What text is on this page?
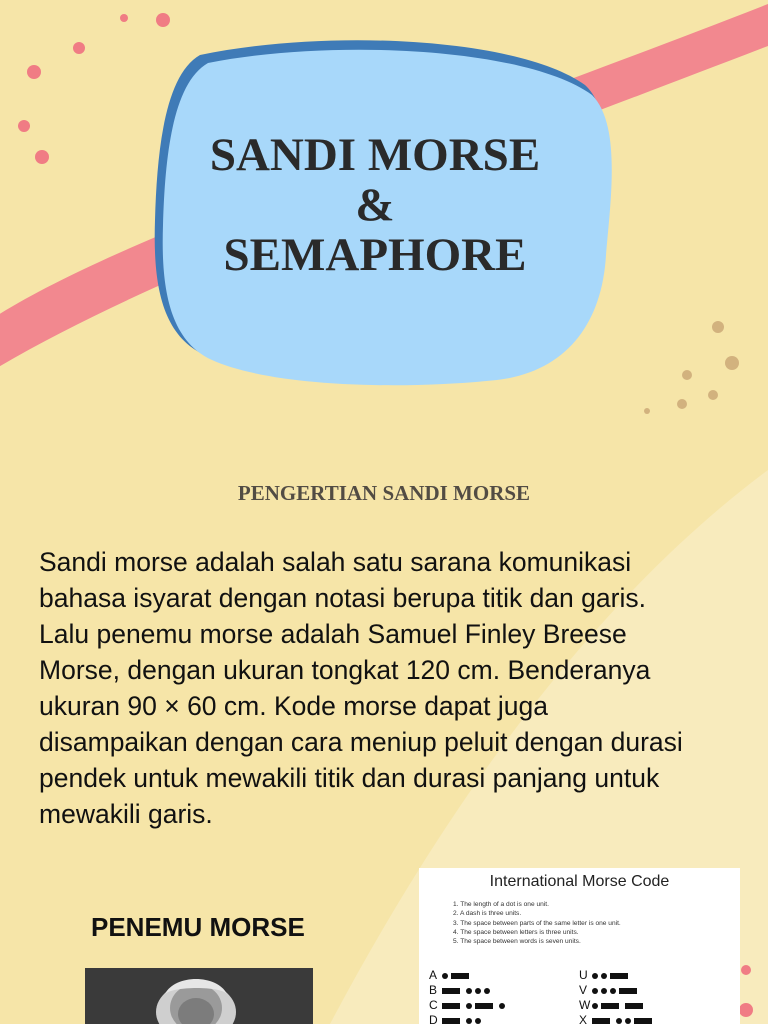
SANDI MORSE
&
SEMAPHORE
PENGERTIAN SANDI MORSE

Sandi morse adalah salah satu sarana komunikasi bahasa isyarat dengan notasi berupa titik dan garis. Lalu penemu morse adalah Samuel Finley Breese Morse, dengan ukuran tongkat 120 cm. Benderanya ukuran 90 × 60 cm. Kode morse dapat juga disampaikan dengan cara meniup peluit dengan durasi pendek untuk mewakili titik dan durasi panjang untuk mewakili garis.

PENEMU MORSE
International Morse Code
1. The length of a dot is one unit.
2. A dash is three units.
3. The space between parts of the same letter is one unit.
4. The space between letters is three units.
5. The space between words is seven units.
A
B
C
D
U
V
W
X
